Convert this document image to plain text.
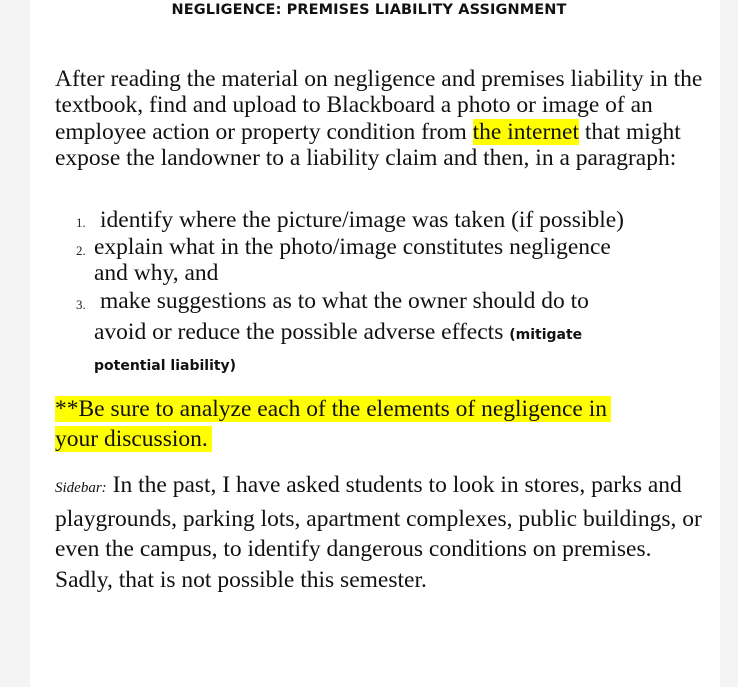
NEGLIGENCE: PREMISES LIABILITY ASSIGNMENT
After reading the material on negligence and premises liability in the textbook, find and upload to Blackboard a photo or image of an employee action or property condition from the internet that might expose the landowner to a liability claim and then, in a paragraph:
1. identify where the picture/image was taken (if possible)
2. explain what in the photo/image constitutes negligence
and why, and
3. make suggestions as to what the owner should do to
avoid or reduce the possible adverse effects (mitigate
potential liability)
**Be sure to analyze each of the elements of negligence in
your discussion.
Sidebar: In the past, I have asked students to look in stores, parks and playgrounds, parking lots, apartment complexes, public buildings, or even the campus, to identify dangerous conditions on premises. Sadly, that is not possible this semester.
